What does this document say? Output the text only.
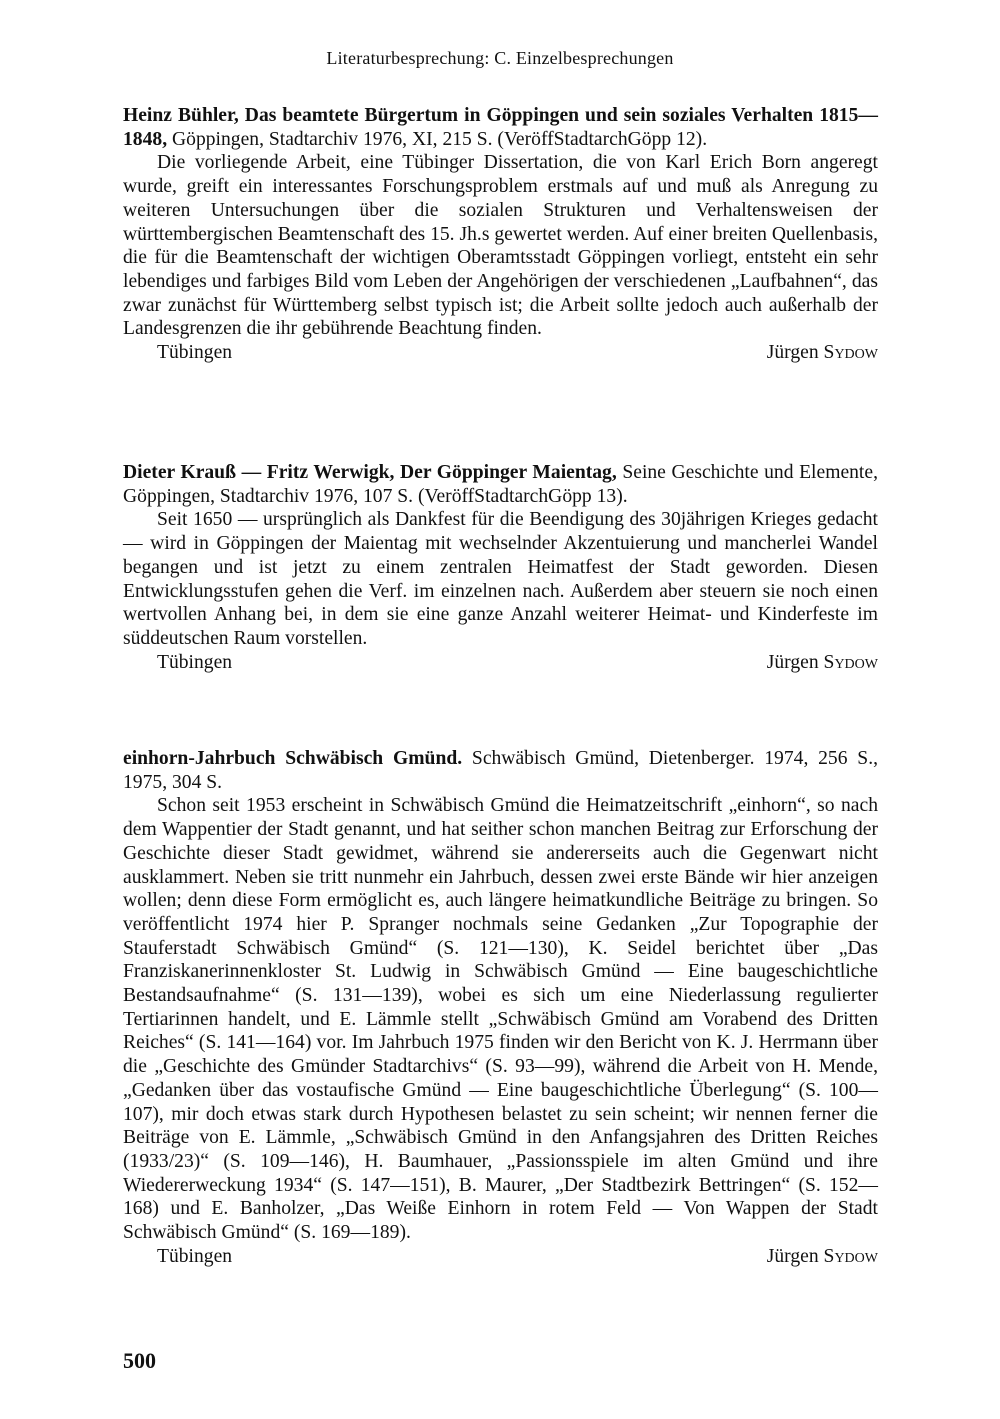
Literaturbesprechung: C. Einzelbesprechungen

Heinz Bühler, Das beamtete Bürgertum in Göppingen und sein soziales Verhalten 1815—1848, Göppingen, Stadtarchiv 1976, XI, 215 S. (VeröffStadtarchGöpp 12).

Die vorliegende Arbeit, eine Tübinger Dissertation, die von Karl Erich Born angeregt wurde, greift ein interessantes Forschungsproblem erstmals auf und muß als Anregung zu weiteren Untersuchungen über die sozialen Strukturen und Verhaltensweisen der württembergischen Beamtenschaft des 15. Jh.s gewertet werden. Auf einer breiten Quellenbasis, die für die Beamtenschaft der wichtigen Oberamtsstadt Göppingen vorliegt, entsteht ein sehr lebendiges und farbiges Bild vom Leben der Angehörigen der verschiedenen „Laufbahnen“, das zwar zunächst für Württemberg selbst typisch ist; die Arbeit sollte jedoch auch außerhalb der Landesgrenzen die ihr gebührende Beachtung finden.

Tübingen	Jürgen Sydow

Dieter Krauß — Fritz Werwigk, Der Göppinger Maientag, Seine Geschichte und Elemente, Göppingen, Stadtarchiv 1976, 107 S. (VeröffStadtarchGöpp 13).

Seit 1650 — ursprünglich als Dankfest für die Beendigung des 30jährigen Krieges gedacht — wird in Göppingen der Maientag mit wechselnder Akzentuierung und mancherlei Wandel begangen und ist jetzt zu einem zentralen Heimatfest der Stadt geworden. Diesen Entwicklungsstufen gehen die Verf. im einzelnen nach. Außerdem aber steuern sie noch einen wertvollen Anhang bei, in dem sie eine ganze Anzahl weiterer Heimat- und Kinderfeste im süddeutschen Raum vorstellen.

Tübingen	Jürgen Sydow

einhorn-Jahrbuch Schwäbisch Gmünd. Schwäbisch Gmünd, Dietenberger. 1974, 256 S., 1975, 304 S.

Schon seit 1953 erscheint in Schwäbisch Gmünd die Heimatzeitschrift „einhorn“, so nach dem Wappentier der Stadt genannt, und hat seither schon manchen Beitrag zur Erforschung der Geschichte dieser Stadt gewidmet, während sie andererseits auch die Gegenwart nicht ausklammert. Neben sie tritt nunmehr ein Jahrbuch, dessen zwei erste Bände wir hier anzeigen wollen; denn diese Form ermöglicht es, auch längere heimatkundliche Beiträge zu bringen. So veröffentlicht 1974 hier P. Spranger nochmals seine Gedanken „Zur Topographie der Stauferstadt Schwäbisch Gmünd“ (S. 121—130), K. Seidel berichtet über „Das Franziskanerinnenkloster St. Ludwig in Schwäbisch Gmünd — Eine baugeschichtliche Bestandsaufnahme“ (S. 131—139), wobei es sich um eine Niederlassung regulierter Tertiarinnen handelt, und E. Lämmle stellt „Schwäbisch Gmünd am Vorabend des Dritten Reiches“ (S. 141—164) vor. Im Jahrbuch 1975 finden wir den Bericht von K. J. Herrmann über die „Geschichte des Gmünder Stadtarchivs“ (S. 93—99), während die Arbeit von H. Mende, „Gedanken über das vostaufische Gmünd — Eine baugeschichtliche Überlegung“ (S. 100—107), mir doch etwas stark durch Hypothesen belastet zu sein scheint; wir nennen ferner die Beiträge von E. Lämmle, „Schwäbisch Gmünd in den Anfangsjahren des Dritten Reiches (1933/23)“ (S. 109—146), H. Baumhauer, „Passionsspiele im alten Gmünd und ihre Wiedererweckung 1934“ (S. 147—151), B. Maurer, „Der Stadtbezirk Bettringen“ (S. 152—168) und E. Banholzer, „Das Weiße Einhorn in rotem Feld — Von Wappen der Stadt Schwäbisch Gmünd“ (S. 169—189).

Tübingen	Jürgen Sydow
500
